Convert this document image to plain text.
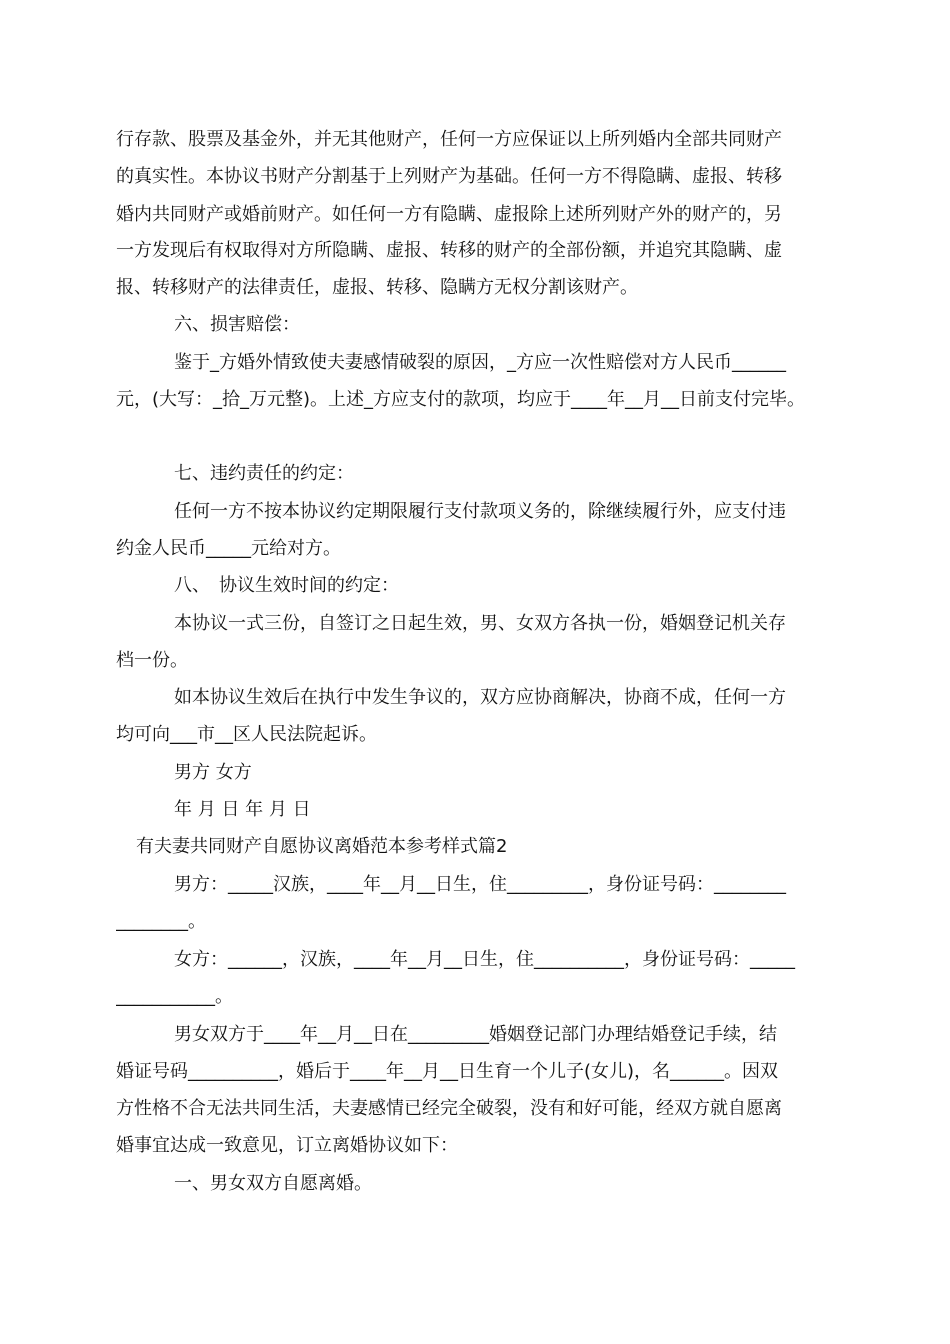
行存款、股票及基金外，并无其他财产，任何一方应保证以上所列婚内全部共同财产
的真实性。本协议书财产分割基于上列财产为基础。任何一方不得隐瞒、虚报、转移
婚内共同财产或婚前财产。如任何一方有隐瞒、虚报除上述所列财产外的财产的，另
一方发现后有权取得对方所隐瞒、虚报、转移的财产的全部份额，并追究其隐瞒、虚
报、转移财产的法律责任，虚报、转移、隐瞒方无权分割该财产。
六、损害赔偿：
鉴于_方婚外情致使夫妻感情破裂的原因，_方应一次性赔偿对方人民币______
元，(大写：_拾_万元整)。上述_方应支付的款项，均应于____年__月__日前支付完毕。
七、违约责任的约定：
任何一方不按本协议约定期限履行支付款项义务的，除继续履行外，应支付违
约金人民币_____元给对方。
八、　协议生效时间的约定：
本协议一式三份，自签订之日起生效，男、女双方各执一份，婚姻登记机关存
档一份。
如本协议生效后在执行中发生争议的，双方应协商解决，协商不成，任何一方
均可向___市__区人民法院起诉。
男方 女方
年 月 日 年 月 日
有夫妻共同财产自愿协议离婚范本参考样式篇2
男方：_____汉族，____年__月__日生，住_________，身份证号码：________
________。
女方：______，汉族，____年__月__日生，住__________，身份证号码：_____
___________。
男女双方于____年__月__日在_________婚姻登记部门办理结婚登记手续，结
婚证号码__________，婚后于____年__月__日生育一个儿子(女儿)，名______。因双
方性格不合无法共同生活，夫妻感情已经完全破裂，没有和好可能，经双方就自愿离
婚事宜达成一致意见，订立离婚协议如下：
一、男女双方自愿离婚。
